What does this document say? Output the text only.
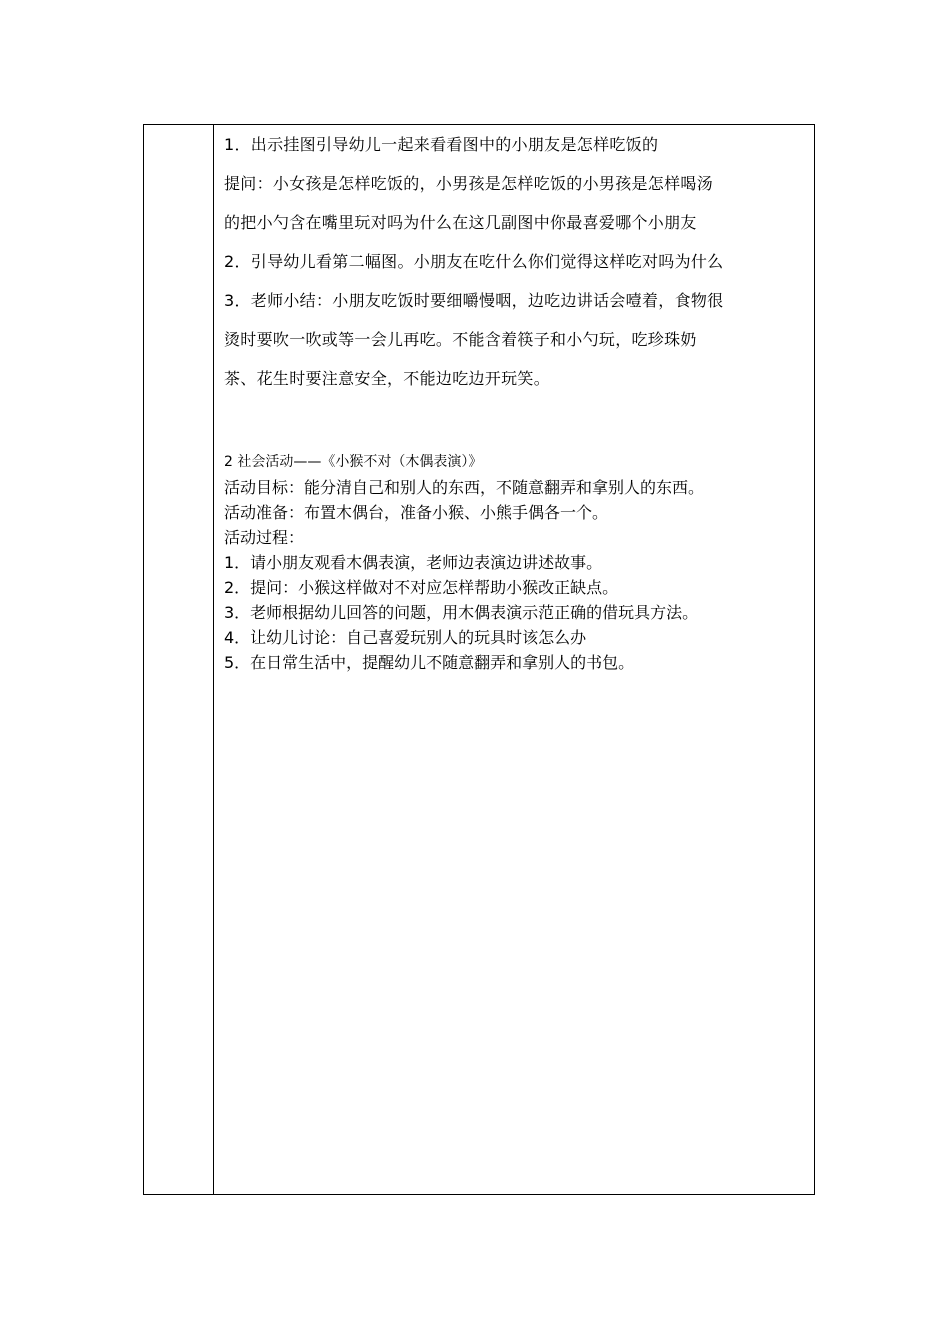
1．出示挂图引导幼儿一起来看看图中的小朋友是怎样吃饭的

提问：小女孩是怎样吃饭的，小男孩是怎样吃饭的小男孩是怎样喝汤

的把小勺含在嘴里玩对吗为什么在这几副图中你最喜爱哪个小朋友

2．引导幼儿看第二幅图。小朋友在吃什么你们觉得这样吃对吗为什么

3．老师小结：小朋友吃饭时要细嚼慢咽，边吃边讲话会噎着，食物很

烫时要吹一吹或等一会儿再吃。不能含着筷子和小勺玩，吃珍珠奶

茶、花生时要注意安全，不能边吃边开玩笑。

2 社会活动——《小猴不对（木偶表演）》

活动目标：能分清自己和别人的东西，不随意翻弄和拿别人的东西。

活动准备：布置木偶台，准备小猴、小熊手偶各一个。

活动过程：

1．请小朋友观看木偶表演，老师边表演边讲述故事。

2．提问：小猴这样做对不对应怎样帮助小猴改正缺点。

3．老师根据幼儿回答的问题，用木偶表演示范正确的借玩具方法。

4．让幼儿讨论：自己喜爱玩别人的玩具时该怎么办

5．在日常生活中，提醒幼儿不随意翻弄和拿别人的书包。
